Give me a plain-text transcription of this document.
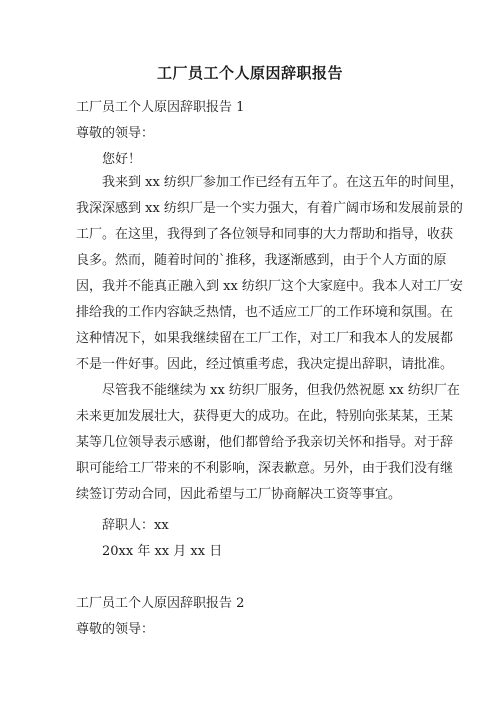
工厂员工个人原因辞职报告
工厂员工个人原因辞职报告 1
尊敬的领导：
您好！
我来到 xx 纺织厂参加工作已经有五年了。在这五年的时间里，
我深深感到 xx 纺织厂是一个实力强大，有着广阔市场和发展前景的
工厂。在这里，我得到了各位领导和同事的大力帮助和指导，收获
良多。然而，随着时间的`推移，我逐渐感到，由于个人方面的原
因，我并不能真正融入到 xx 纺织厂这个大家庭中。我本人对工厂安
排给我的工作内容缺乏热情，也不适应工厂的工作环境和氛围。在
这种情况下，如果我继续留在工厂工作，对工厂和我本人的发展都
不是一件好事。因此，经过慎重考虑，我决定提出辞职，请批准。
尽管我不能继续为 xx 纺织厂服务，但我仍然祝愿 xx 纺织厂在
未来更加发展壮大，获得更大的成功。在此，特别向张某某，王某
某等几位领导表示感谢，他们都曾给予我亲切关怀和指导。对于辞
职可能给工厂带来的不利影响，深表歉意。另外，由于我们没有继
续签订劳动合同，因此希望与工厂协商解决工资等事宜。
辞职人：xx
20xx 年 xx 月 xx 日
工厂员工个人原因辞职报告 2
尊敬的领导：
